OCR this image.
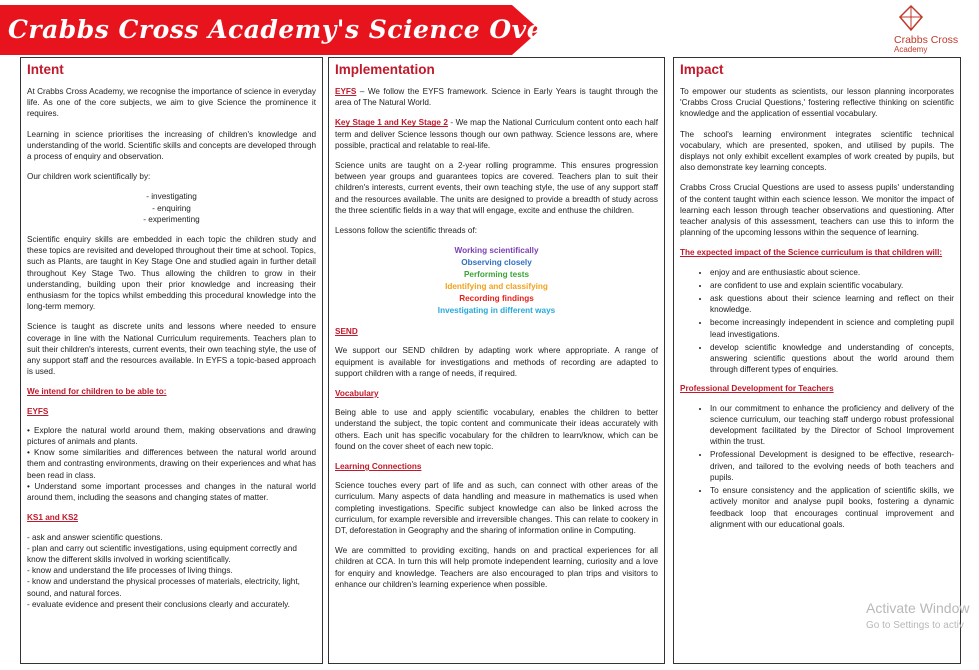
Crabbs Cross Academy's Science Overview	Crabbs Cross
Academy
Intent

At Crabbs Cross Academy, we recognise the importance of science in everyday life. As one of the core subjects, we aim to give Science the prominence it requires.

Learning in science prioritises the increasing of children's knowledge and understanding of the world. Scientific skills and concepts are developed through a process of enquiry and observation.

Our children work scientifically by:

- investigating
- enquiring
- experimenting

Scientific enquiry skills are embedded in each topic the children study and these topics are revisited and developed throughout their time at school. Topics, such as Plants, are taught in Key Stage One and studied again in further detail throughout Key Stage Two. Thus allowing the children to grow in their understanding, building upon their prior knowledge and increasing their enthusiasm for the topics whilst embedding this procedural knowledge into the long-term memory.

Science is taught as discrete units and lessons where needed to ensure coverage in line with the National Curriculum requirements. Teachers plan to suit their children's interests, current events, their own teaching style, the use of any support staff and the resources available. In EYFS a topic-based approach is used.

We intend for children to be able to:
EYFS
• Explore the natural world around them, making observations and drawing pictures of animals and plants.
• Know some similarities and differences between the natural world around them and contrasting environments, drawing on their experiences and what has been read in class.
• Understand some important processes and changes in the natural world around them, including the seasons and changing states of matter.
KS1 and KS2
- ask and answer scientific questions.
- plan and carry out scientific investigations, using equipment correctly and know the different skills involved in working scientifically.
- know and understand the life processes of living things.
- know and understand the physical processes of materials, electricity, light, sound, and natural forces.
- evaluate evidence and present their conclusions clearly and accurately.
Implementation

EYFS – We follow the EYFS framework. Science in Early Years is taught through the area of The Natural World.

Key Stage 1 and Key Stage 2 - We map the National Curriculum content onto each half term and deliver Science lessons though our own pathway. Science lessons are, where possible, practical and relatable to real-life.

Science units are taught on a 2-year rolling programme. This ensures progression between year groups and guarantees topics are covered. Teachers plan to suit their children's interests, current events, their own teaching style, the use of any support staff and the resources available. The units are designed to provide a breadth of study across the three scientific fields in a way that will engage, excite and enthuse the children.

Lessons follow the scientific threads of:

Working scientifically
Observing closely
Performing tests
Identifying and classifying
Recording findings
Investigating in different ways
SEND

We support our SEND children by adapting work where appropriate. A range of equipment is available for investigations and methods of recording are adapted to support children with a range of needs, if required.

Vocabulary

Being able to use and apply scientific vocabulary, enables the children to better understand the subject, the topic content and communicate their ideas accurately with others. Each unit has specific vocabulary for the children to learn/know, which can be found on the cover sheet of each new topic.

Learning Connections

Science touches every part of life and as such, can connect with other areas of the curriculum. Many aspects of data handling and measure in mathematics is used when completing investigations. Specific subject knowledge can also be linked across the curriculum, for example reversible and irreversible changes. This can relate to cookery in DT, deforestation in Geography and the sharing of information online in Computing.

We are committed to providing exciting, hands on and practical experiences for all children at CCA. In turn this will help promote independent learning, curiosity and a love for enquiry and knowledge. Teachers are also encouraged to plan trips and visitors to enhance our children's learning experience when possible.

Impact

To empower our students as scientists, our lesson planning incorporates 'Crabbs Cross Crucial Questions,' fostering reflective thinking on scientific knowledge and the application of essential vocabulary.

The school's learning environment integrates scientific technical vocabulary, which are presented, spoken, and utilised by pupils. The displays not only exhibit excellent examples of work created by pupils, but also demonstrate key learning concepts.

Crabbs Cross Crucial Questions are used to assess pupils' understanding of the content taught within each science lesson. We monitor the impact of learning each lesson through teacher observations and questioning. After teacher analysis of this assessment, teachers can use this to inform the planning of the upcoming lessons within the sequence of learning.

The expected impact of the Science curriculum is that children will:
• enjoy and are enthusiastic about science.
• are confident to use and explain scientific vocabulary.
• ask questions about their science learning and reflect on their knowledge.
• become increasingly independent in science and completing pupil lead investigations.
• develop scientific knowledge and understanding of concepts, answering scientific questions about the world around them through different types of enquiries.
Professional Development for Teachers
• In our commitment to enhance the proficiency and delivery of the science curriculum, our teaching staff undergo robust professional development facilitated by the Director of School Improvement within the trust.
• Professional Development is designed to be effective, research-driven, and tailored to the evolving needs of both teachers and pupils.
• To ensure consistency and the application of scientific skills, we actively monitor and analyse pupil books, fostering a dynamic feedback loop that encourages continual improvement and alignment with our educational goals.
Activate Window
Go to Settings to activ
